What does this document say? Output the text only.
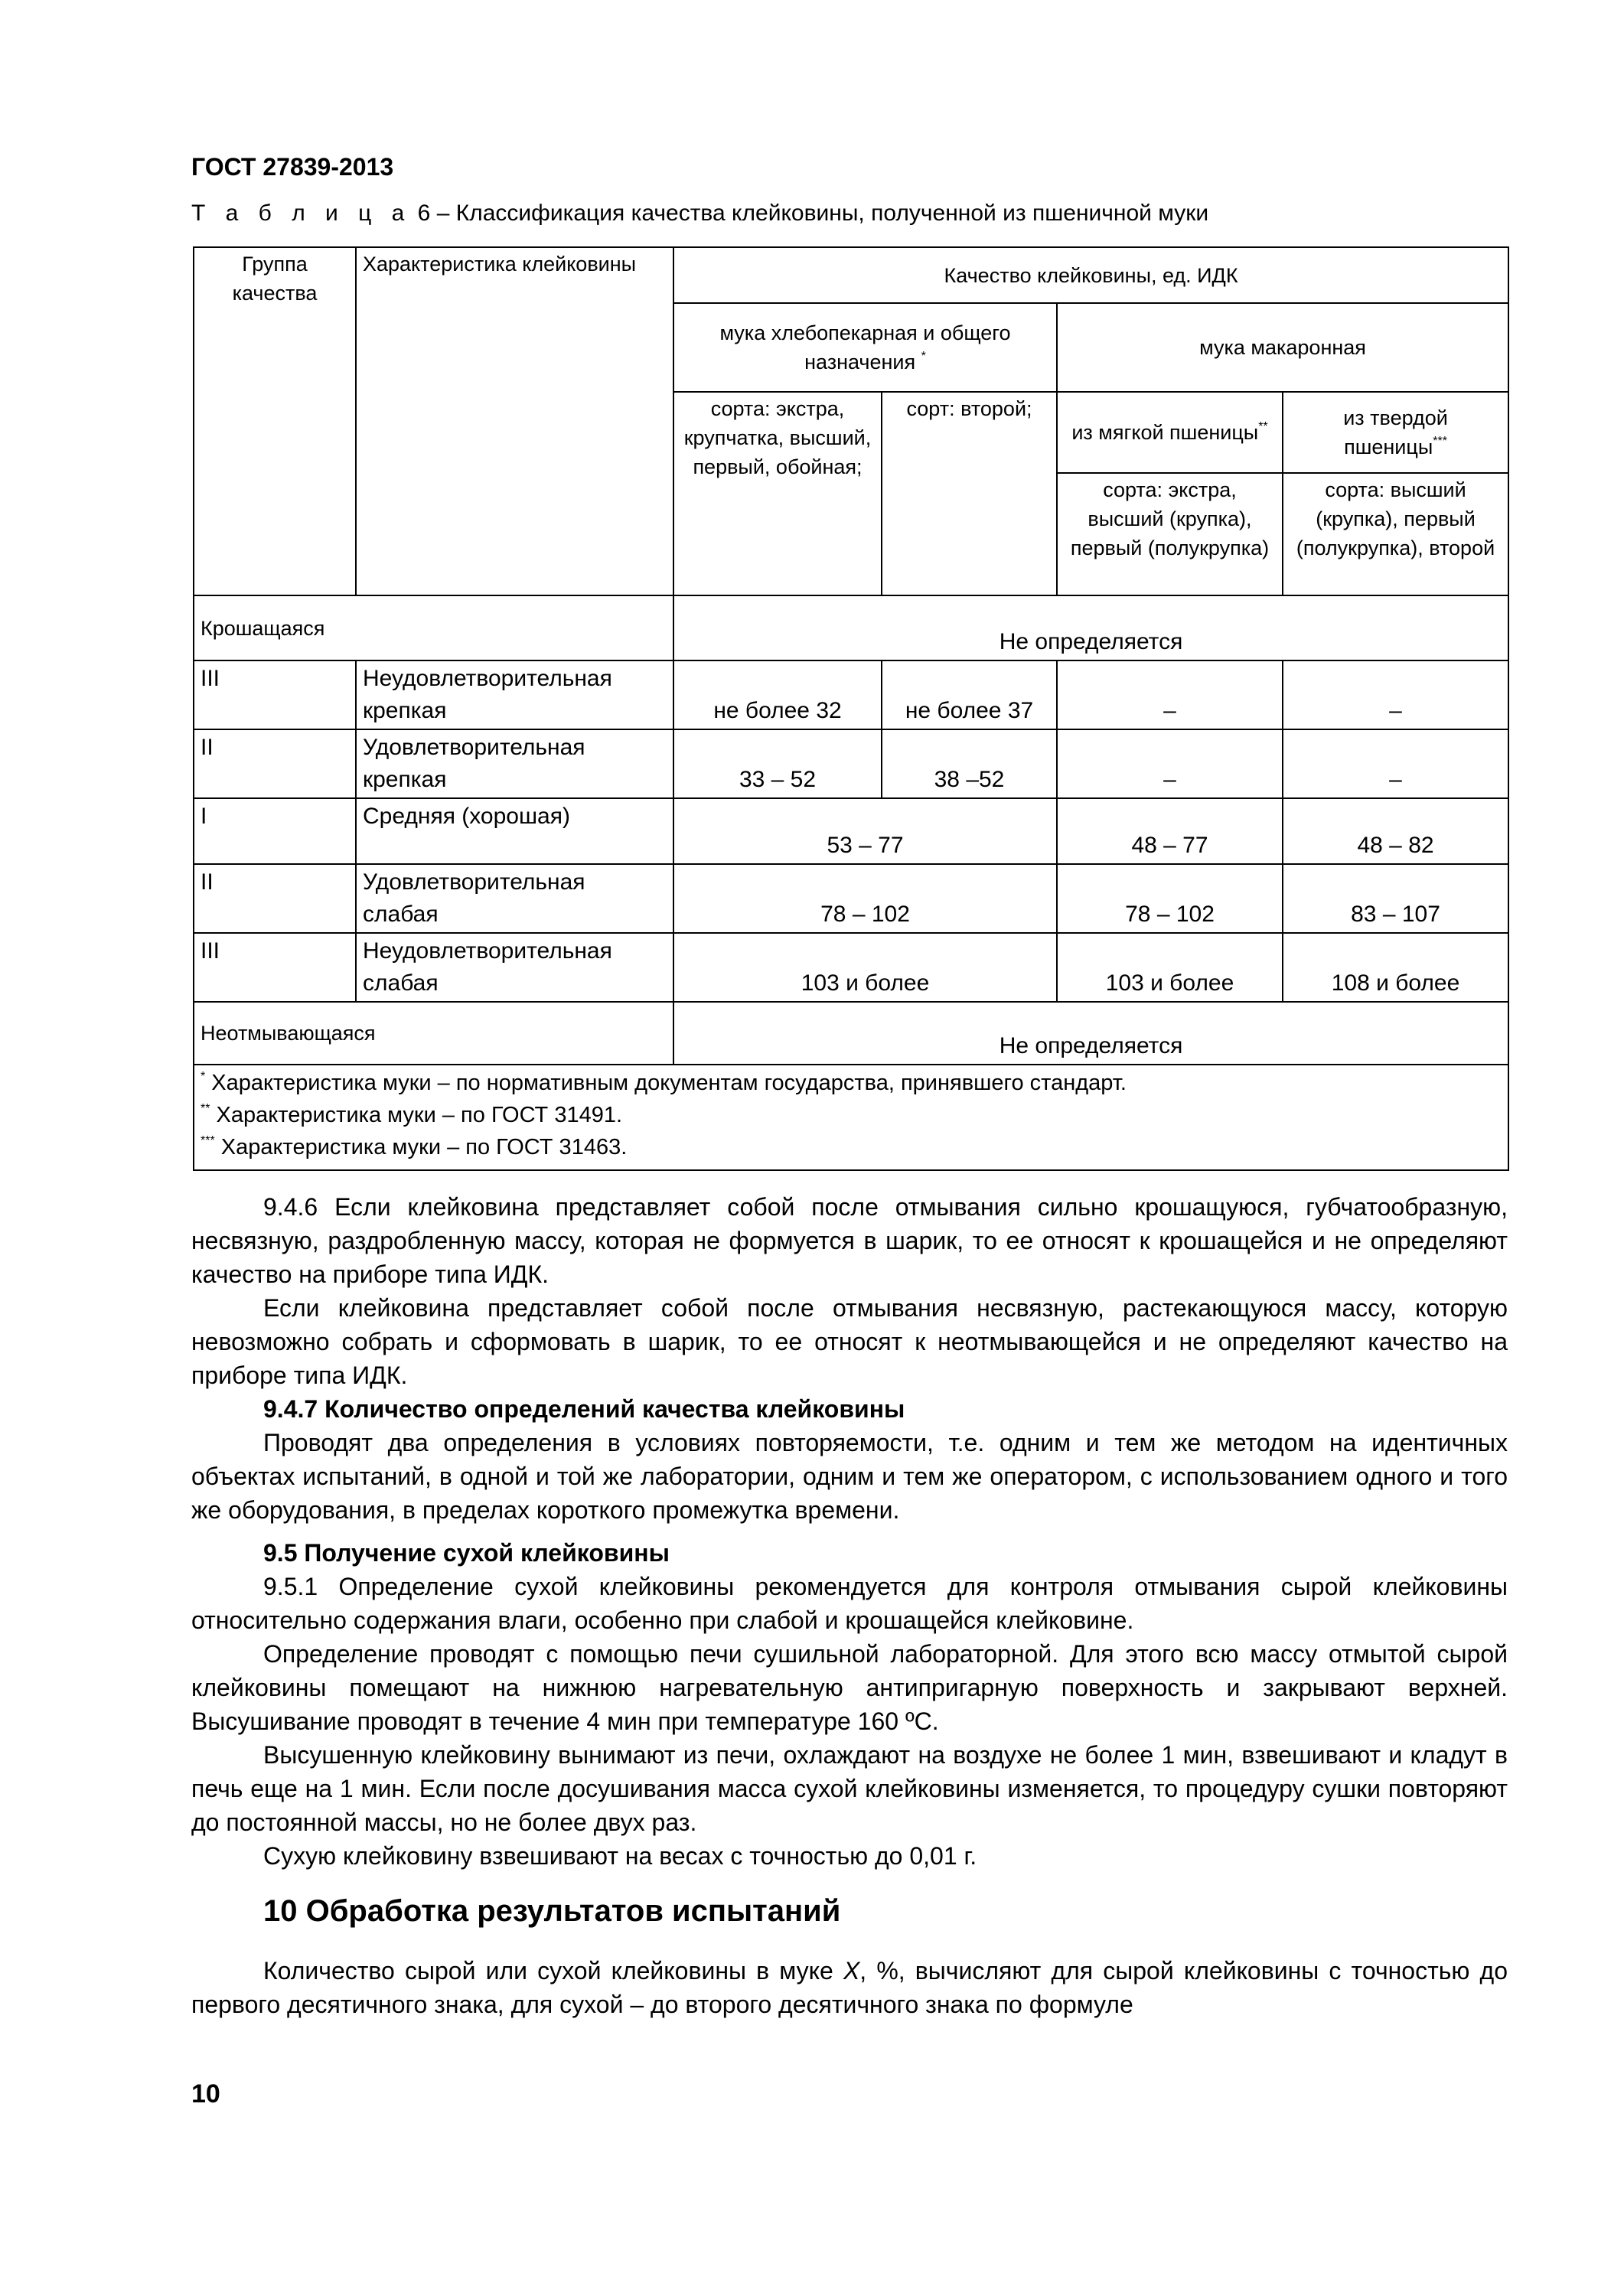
ГОСТ 27839-2013
Т а б л и ц а 6 – Классификация качества клейковины, полученной из пшеничной муки
Группа качества	Характеристика клейковины	Качество клейковины, ед. ИДК			
		мука хлебопекарная и общего назначения *		мука макаронная	
		сорта: экстра, крупчатка, высший, первый, обойная;	сорт: второй;	из мягкой пшеницы**	из твердой пшеницы***
				сорта: экстра, высший (крупка), первый (полукрупка)	сорта: высший (крупка), первый (полукрупка), второй
Крошащаяся		Не определяется			
III	Неудовлетворительная крепкая	не более 32	не более 37	–	–
II	Удовлетворительная крепкая	33 – 52	38 –52	–	–
I	Средняя (хорошая)	53 – 77		48 – 77	48 – 82
II	Удовлетворительная слабая	78 – 102		78 – 102	83 – 107
III	Неудовлетворительная слабая	103 и более		103 и более	108 и более
Неотмывающаяся		Не определяется			

* Характеристика муки – по нормативным документам государства, принявшего стандарт.
** Характеристика муки – по ГОСТ 31491.
*** Характеристика муки – по ГОСТ 31463.					

9.4.6 Если клейковина представляет собой после отмывания сильно крошащуюся, губчатообразную, несвязную, раздробленную массу, которая не формуется в шарик, то ее относят к крошащейся и не определяют качество на приборе типа ИДК.

Если клейковина представляет собой после отмывания несвязную, растекающуюся массу, которую невозможно собрать и сформовать в шарик, то ее относят к неотмывающейся и не определяют качество на приборе типа ИДК.

9.4.7 Количество определений качества клейковины

Проводят два определения в условиях повторяемости, т.е. одним и тем же методом на идентичных объектах испытаний, в одной и той же лаборатории, одним и тем же оператором, с использованием одного и того же оборудования, в пределах короткого промежутка времени.

9.5 Получение сухой клейковины

9.5.1 Определение сухой клейковины рекомендуется для контроля отмывания сырой клейковины относительно содержания влаги, особенно при слабой и крошащейся клейковине.

Определение проводят с помощью печи сушильной лабораторной. Для этого всю массу отмытой сырой клейковины помещают на нижнюю нагревательную антипригарную поверхность и закрывают верхней. Высушивание проводят в течение 4 мин при температуре 160 ºС.

Высушенную клейковину вынимают из печи, охлаждают на воздухе не более 1 мин, взвешивают и кладут в печь еще на 1 мин. Если после досушивания масса сухой клейковины изменяется, то процедуру сушки повторяют до постоянной массы, но не более двух раз.

Сухую клейковину взвешивают на весах с точностью до 0,01 г.

10 Обработка результатов испытаний

Количество сырой или сухой клейковины в муке X, %, вычисляют для сырой клейковины с точностью до первого десятичного знака, для сухой – до второго десятичного знака по формуле

10
